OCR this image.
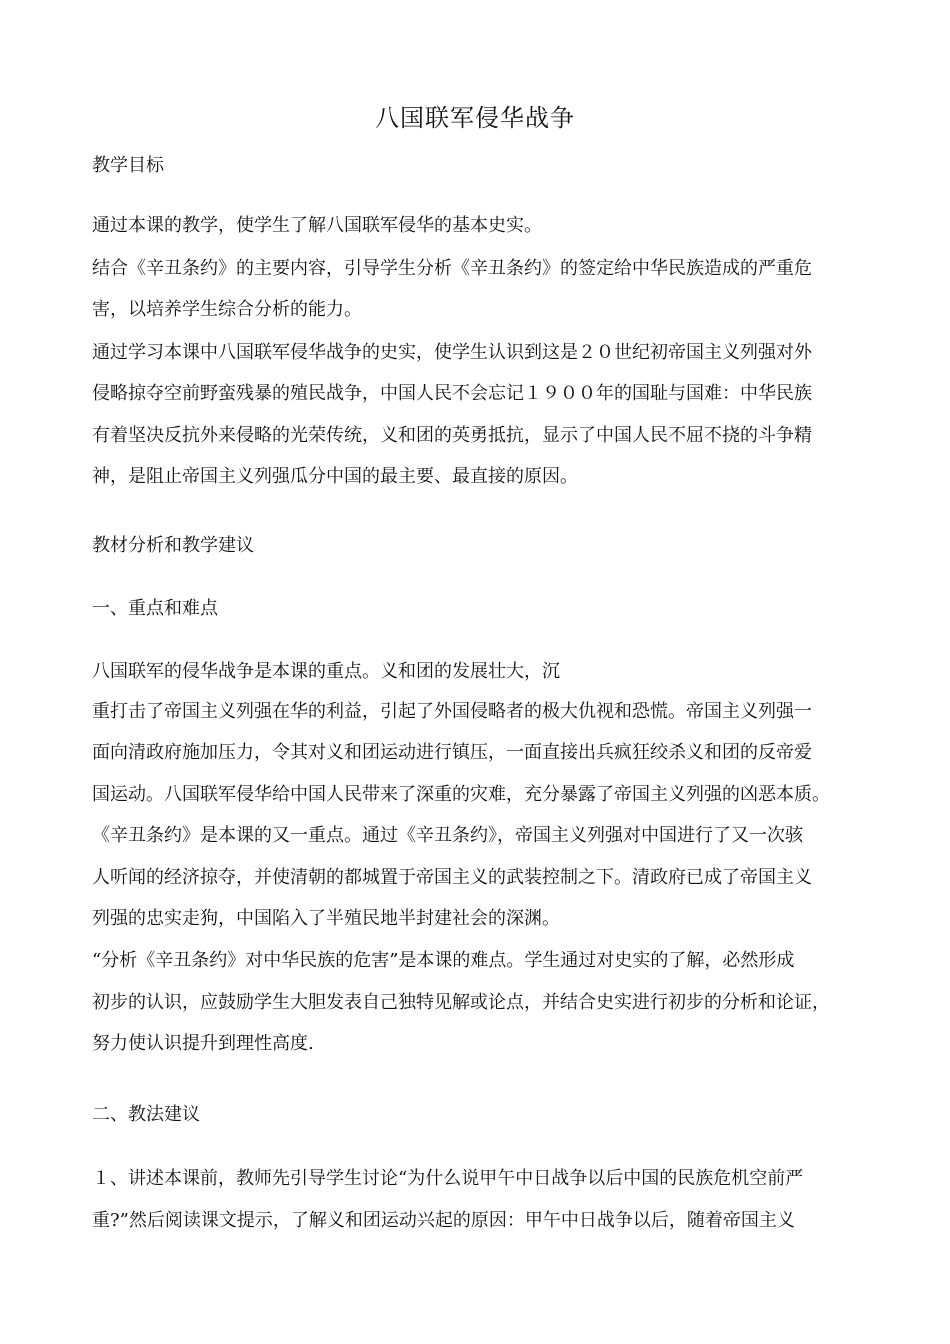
八国联军侵华战争
教学目标
通过本课的教学，使学生了解八国联军侵华的基本史实。
结合《辛丑条约》的主要内容，引导学生分析《辛丑条约》的签定给中华民族造成的严重危
害，以培养学生综合分析的能力。
通过学习本课中八国联军侵华战争的史实，使学生认识到这是２０世纪初帝国主义列强对外
侵略掠夺空前野蛮残暴的殖民战争，中国人民不会忘记１９００年的国耻与国难：中华民族
有着坚决反抗外来侵略的光荣传统，义和团的英勇抵抗，显示了中国人民不屈不挠的斗争精
神，是阻止帝国主义列强瓜分中国的最主要、最直接的原因。
教材分析和教学建议
一、重点和难点
八国联军的侵华战争是本课的重点。义和团的发展壮大，沉
重打击了帝国主义列强在华的利益，引起了外国侵略者的极大仇视和恐慌。帝国主义列强一
面向清政府施加压力，令其对义和团运动进行镇压，一面直接出兵疯狂绞杀义和团的反帝爱
国运动。八国联军侵华给中国人民带来了深重的灾难，充分暴露了帝国主义列强的凶恶本质。
《辛丑条约》是本课的又一重点。通过《辛丑条约》，帝国主义列强对中国进行了又一次骇
人听闻的经济掠夺，并使清朝的都城置于帝国主义的武装控制之下。清政府已成了帝国主义
列强的忠实走狗，中国陷入了半殖民地半封建社会的深渊。
“分析《辛丑条约》对中华民族的危害”是本课的难点。学生通过对史实的了解，必然形成
初步的认识，应鼓励学生大胆发表自己独特见解或论点，并结合史实进行初步的分析和论证，
努力使认识提升到理性高度.
二、教法建议
１、讲述本课前，教师先引导学生讨论“为什么说甲午中日战争以后中国的民族危机空前严
重?”然后阅读课文提示，了解义和团运动兴起的原因：甲午中日战争以后，随着帝国主义
